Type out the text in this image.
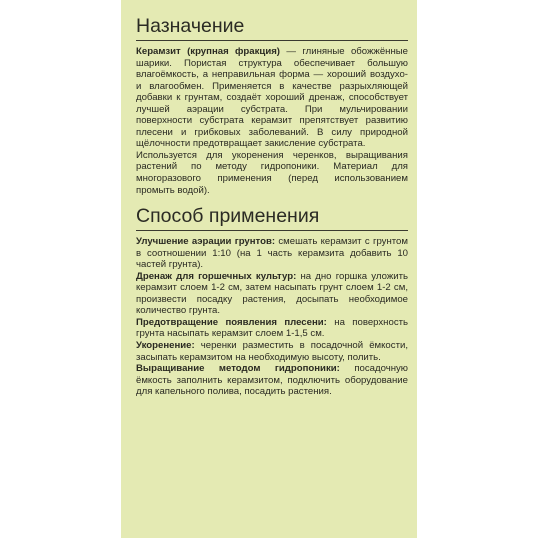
Назначение
Керамзит (крупная фракция) — глиняные обожжённые шарики. Пористая структура обеспечивает большую влагоёмкость, а неправильная форма — хороший воздухо- и влагообмен. Применяется в качестве разрыхляющей добавки к грунтам, создаёт хороший дренаж, способствует лучшей аэрации субстрата. При мульчировании поверхности субстрата керамзит препятствует развитию плесени и грибковых заболеваний. В силу природной щёлочности предотвращает закисление субстрата.
Используется для укоренения черенков, выращивания растений по методу гидропоники. Материал для многоразового применения (перед использованием промыть водой).
Способ применения

Улучшение аэрации грунтов: смешать керамзит с грунтом в соотношении 1:10 (на 1 часть керамзита добавить 10 частей грунта).

Дренаж для горшечных культур: на дно горшка уложить керамзит слоем 1-2 см, затем насыпать грунт слоем 1-2 см, произвести посадку растения, досыпать необходимое количество грунта.

Предотвращение появления плесени: на поверхность грунта насыпать керамзит слоем 1-1,5 см.

Укоренение: черенки разместить в посадочной ёмкости, засыпать керамзитом на необходимую высоту, полить.

Выращивание методом гидропоники: посадочную ёмкость заполнить керамзитом, подключить оборудование для капельного полива, посадить растения.
